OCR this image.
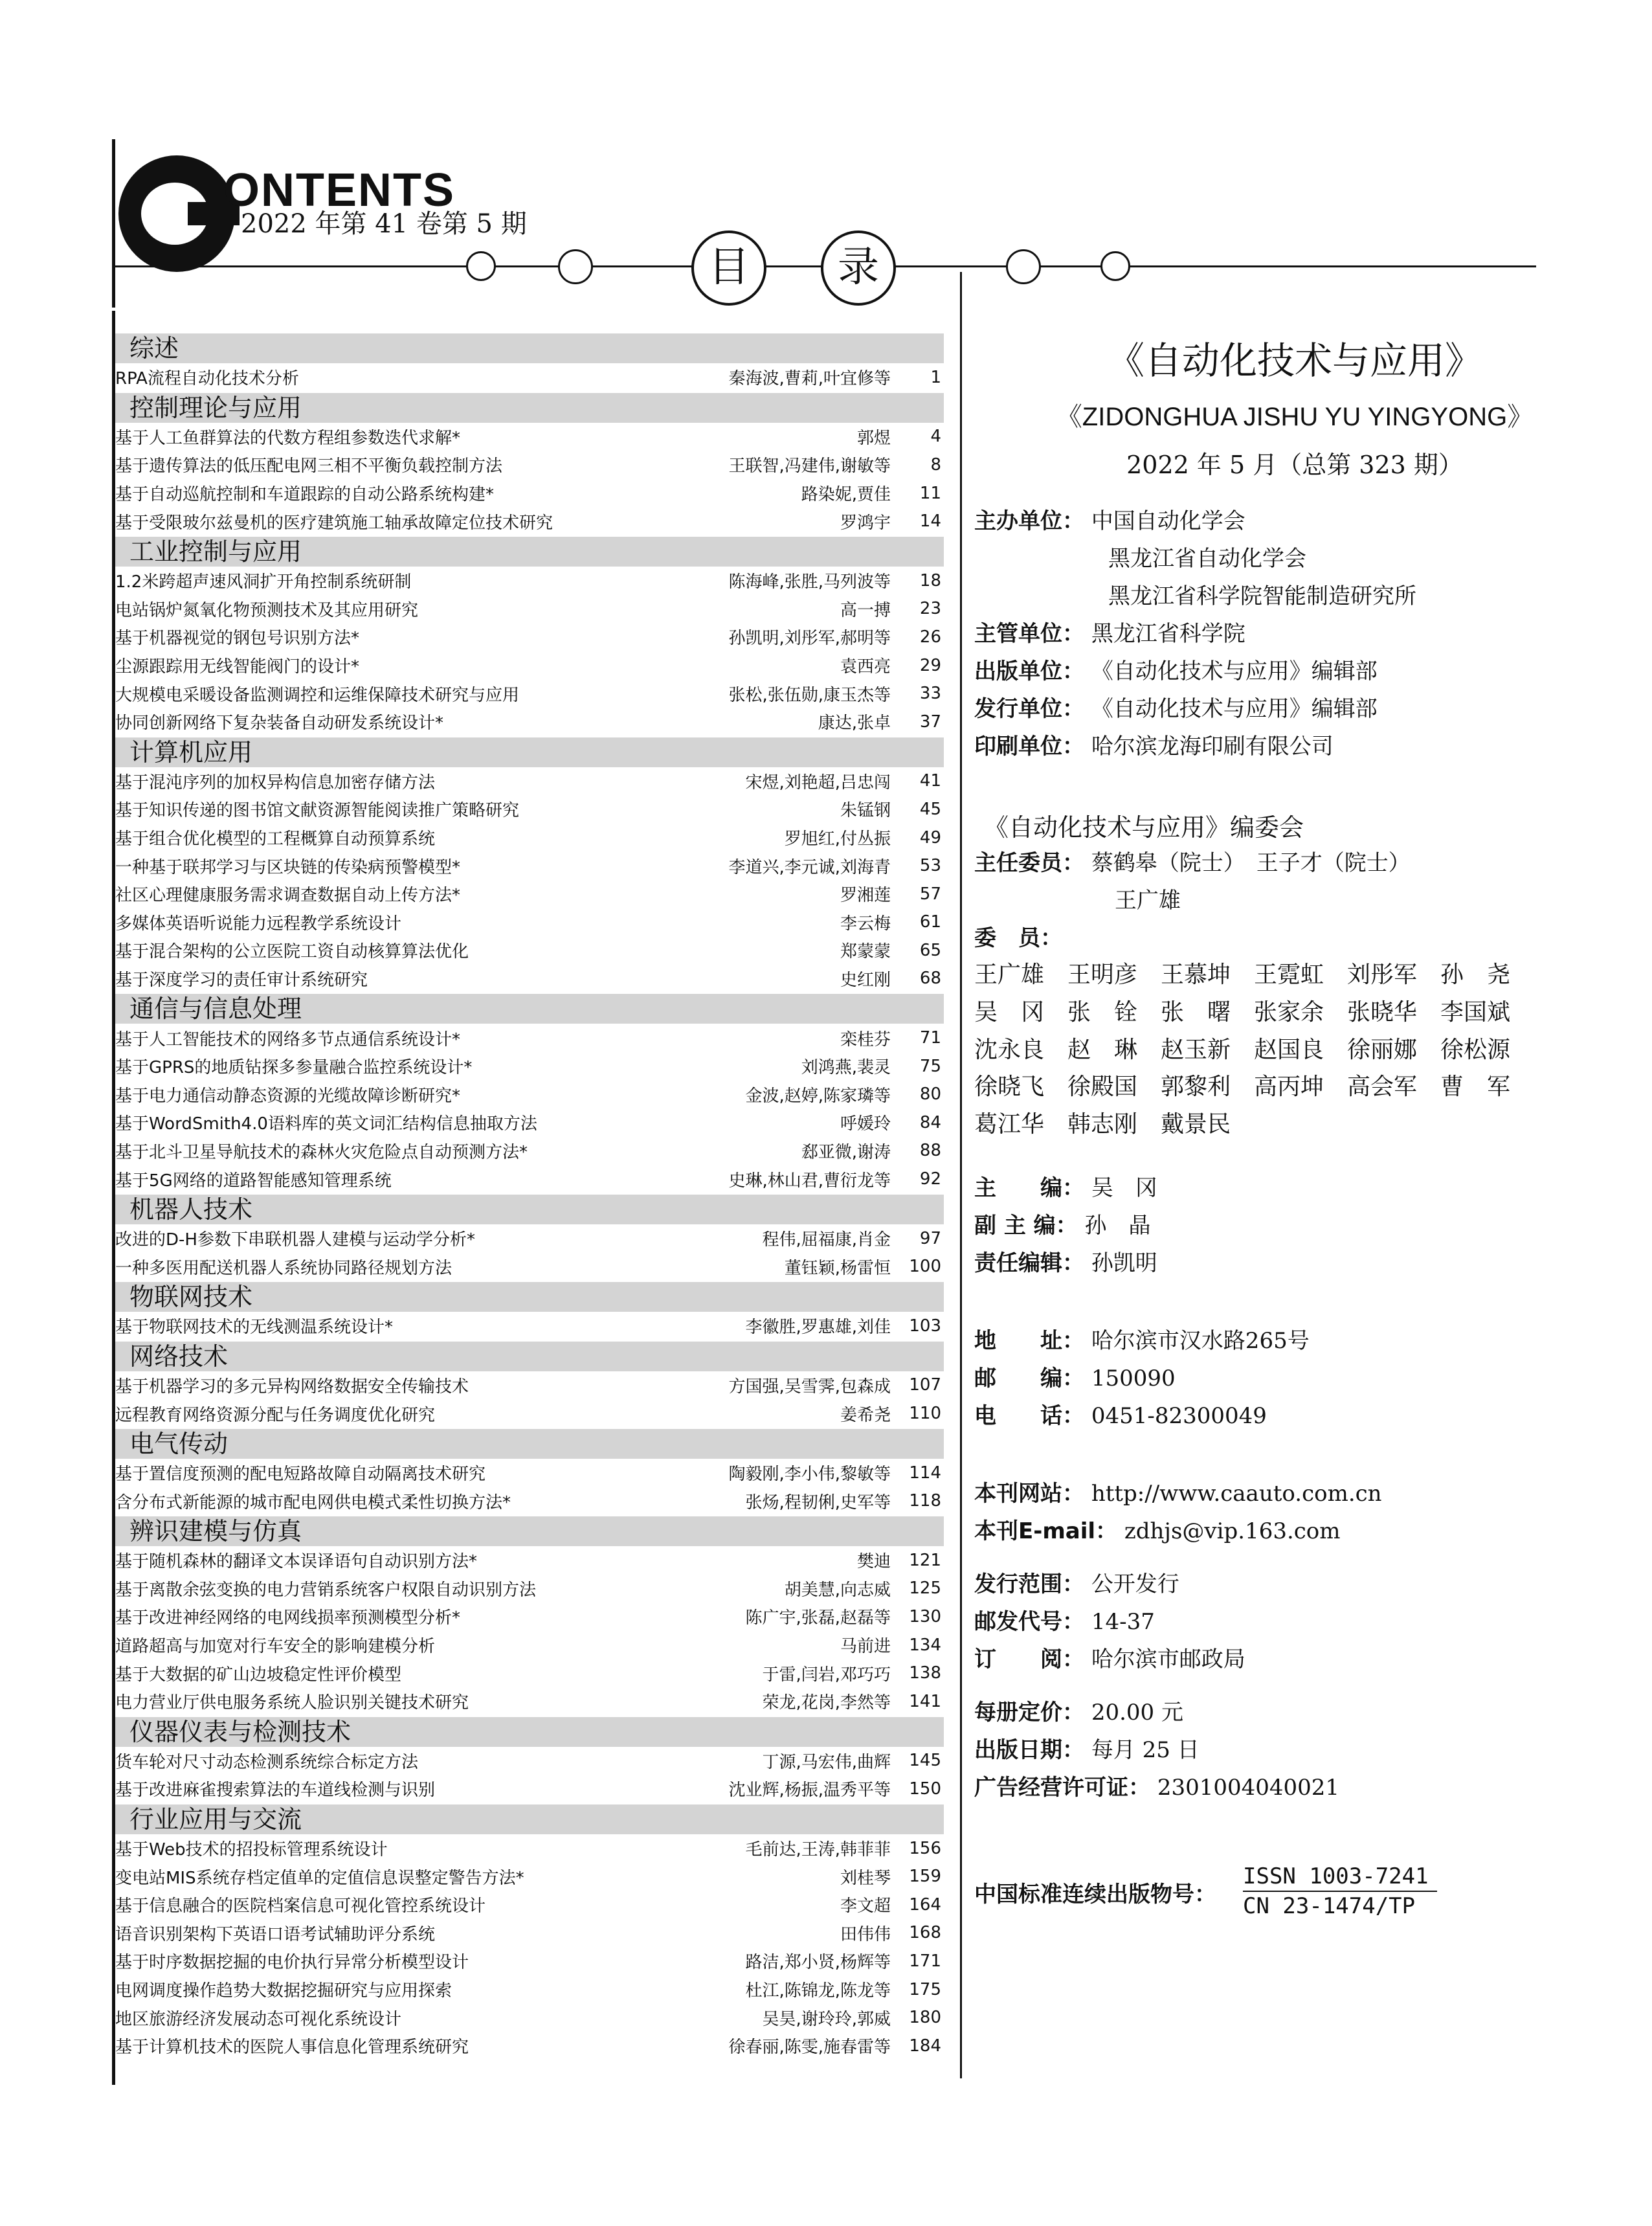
ONTENTS
2022 年第 41 卷第 5 期
目	录
综述
RPA流程自动化技术分析	秦海波,曹莉,叶宜修等	1
控制理论与应用
基于人工鱼群算法的代数方程组参数迭代求解*	郭煜	4
基于遗传算法的低压配电网三相不平衡负载控制方法	王联智,冯建伟,谢敏等	8
基于自动巡航控制和车道跟踪的自动公路系统构建*	路染妮,贾佳	11
基于受限玻尔兹曼机的医疗建筑施工轴承故障定位技术研究	罗鸿宇	14
工业控制与应用
1.2米跨超声速风洞扩开角控制系统研制	陈海峰,张胜,马列波等	18
电站锅炉氮氧化物预测技术及其应用研究	高一搏	23
基于机器视觉的钢包号识别方法*	孙凯明,刘彤军,郝明等	26
尘源跟踪用无线智能阀门的设计*	袁西亮	29
大规模电采暖设备监测调控和运维保障技术研究与应用	张松,张伍勋,康玉杰等	33
协同创新网络下复杂装备自动研发系统设计*	康达,张卓	37
计算机应用
基于混沌序列的加权异构信息加密存储方法	宋煜,刘艳超,吕忠闯	41
基于知识传递的图书馆文献资源智能阅读推广策略研究	朱锰钢	45
基于组合优化模型的工程概算自动预算系统	罗旭红,付丛振	49
一种基于联邦学习与区块链的传染病预警模型*	李道兴,李元诚,刘海青	53
社区心理健康服务需求调查数据自动上传方法*	罗湘莲	57
多媒体英语听说能力远程教学系统设计	李云梅	61
基于混合架构的公立医院工资自动核算算法优化	郑蒙蒙	65
基于深度学习的责任审计系统研究	史红刚	68
通信与信息处理
基于人工智能技术的网络多节点通信系统设计*	栾桂芬	71
基于GPRS的地质钻探多参量融合监控系统设计*	刘鸿燕,裴灵	75
基于电力通信动静态资源的光缆故障诊断研究*	金波,赵婷,陈家璘等	80
基于WordSmith4.0语料库的英文词汇结构信息抽取方法	呼媛玲	84
基于北斗卫星导航技术的森林火灾危险点自动预测方法*	郄亚微,谢涛	88
基于5G网络的道路智能感知管理系统	史琳,林山君,曹衍龙等	92
机器人技术
改进的D-H参数下串联机器人建模与运动学分析*	程伟,屈福康,肖金	97
一种多医用配送机器人系统协同路径规划方法	董钰颖,杨雷恒	100
物联网技术
基于物联网技术的无线测温系统设计*	李徽胜,罗惠雄,刘佳	103
网络技术
基于机器学习的多元异构网络数据安全传输技术	方国强,吴雪霁,包森成	107
远程教育网络资源分配与任务调度优化研究	姜希尧	110
电气传动
基于置信度预测的配电短路故障自动隔离技术研究	陶毅刚,李小伟,黎敏等	114
含分布式新能源的城市配电网供电模式柔性切换方法*	张炀,程韧俐,史军等	118
辨识建模与仿真
基于随机森林的翻译文本误译语句自动识别方法*	樊迪	121
基于离散余弦变换的电力营销系统客户权限自动识别方法	胡美慧,向志威	125
基于改进神经网络的电网线损率预测模型分析*	陈广宇,张磊,赵磊等	130
道路超高与加宽对行车安全的影响建模分析	马前进	134
基于大数据的矿山边坡稳定性评价模型	于雷,闫岩,邓巧巧	138
电力营业厅供电服务系统人脸识别关键技术研究	荣龙,花岗,李然等	141
仪器仪表与检测技术
货车轮对尺寸动态检测系统综合标定方法	丁源,马宏伟,曲辉	145
基于改进麻雀搜索算法的车道线检测与识别	沈业辉,杨振,温秀平等	150
行业应用与交流
基于Web技术的招投标管理系统设计	毛前达,王涛,韩菲菲	156
变电站MIS系统存档定值单的定值信息误整定警告方法*	刘桂琴	159
基于信息融合的医院档案信息可视化管控系统设计	李文超	164
语音识别架构下英语口语考试辅助评分系统	田伟伟	168
基于时序数据挖掘的电价执行异常分析模型设计	路洁,郑小贤,杨辉等	171
电网调度操作趋势大数据挖掘研究与应用探索	杜江,陈锦龙,陈龙等	175
地区旅游经济发展动态可视化系统设计	吴昊,谢玲玲,郭威	180
基于计算机技术的医院人事信息化管理系统研究	徐春丽,陈雯,施春雷等	184
《自动化技术与应用》
《ZIDONGHUA JISHU YU YINGYONG》
2022 年 5 月（总第 323 期）
主办单位： 中国自动化学会
黑龙江省自动化学会
黑龙江省科学院智能制造研究所
主管单位： 黑龙江省科学院
出版单位： 《自动化技术与应用》编辑部
发行单位： 《自动化技术与应用》编辑部
印刷单位： 哈尔滨龙海印刷有限公司
《自动化技术与应用》编委会
主任委员： 蔡鹤皋（院士）　王子才（院士）
王广雄
委　员：
王广雄　王明彦　王慕坤　王霓虹　刘彤军　孙　尧
吴　冈　张　铨　张　曙　张家余　张晓华　李国斌
沈永良　赵　琳　赵玉新　赵国良　徐丽娜　徐松源
徐晓飞　徐殿国　郭黎利　高丙坤　高会军　曹　军
葛江华　韩志刚　戴景民
主　　编： 吴　冈
副 主 编： 孙　晶
责任编辑： 孙凯明
地　　址： 哈尔滨市汉水路265号
邮　　编： 150090
电　　话： 0451-82300049
本刊网站： http://www.caauto.com.cn
本刊E-mail： zdhjs@vip.163.com
发行范围： 公开发行
邮发代号： 14-37
订　　阅： 哈尔滨市邮政局
每册定价： 20.00 元
出版日期： 每月 25 日
广告经营许可证： 2301004040021
中国标准连续出版物号：
ISSN 1003-7241
CN 23-1474/TP
